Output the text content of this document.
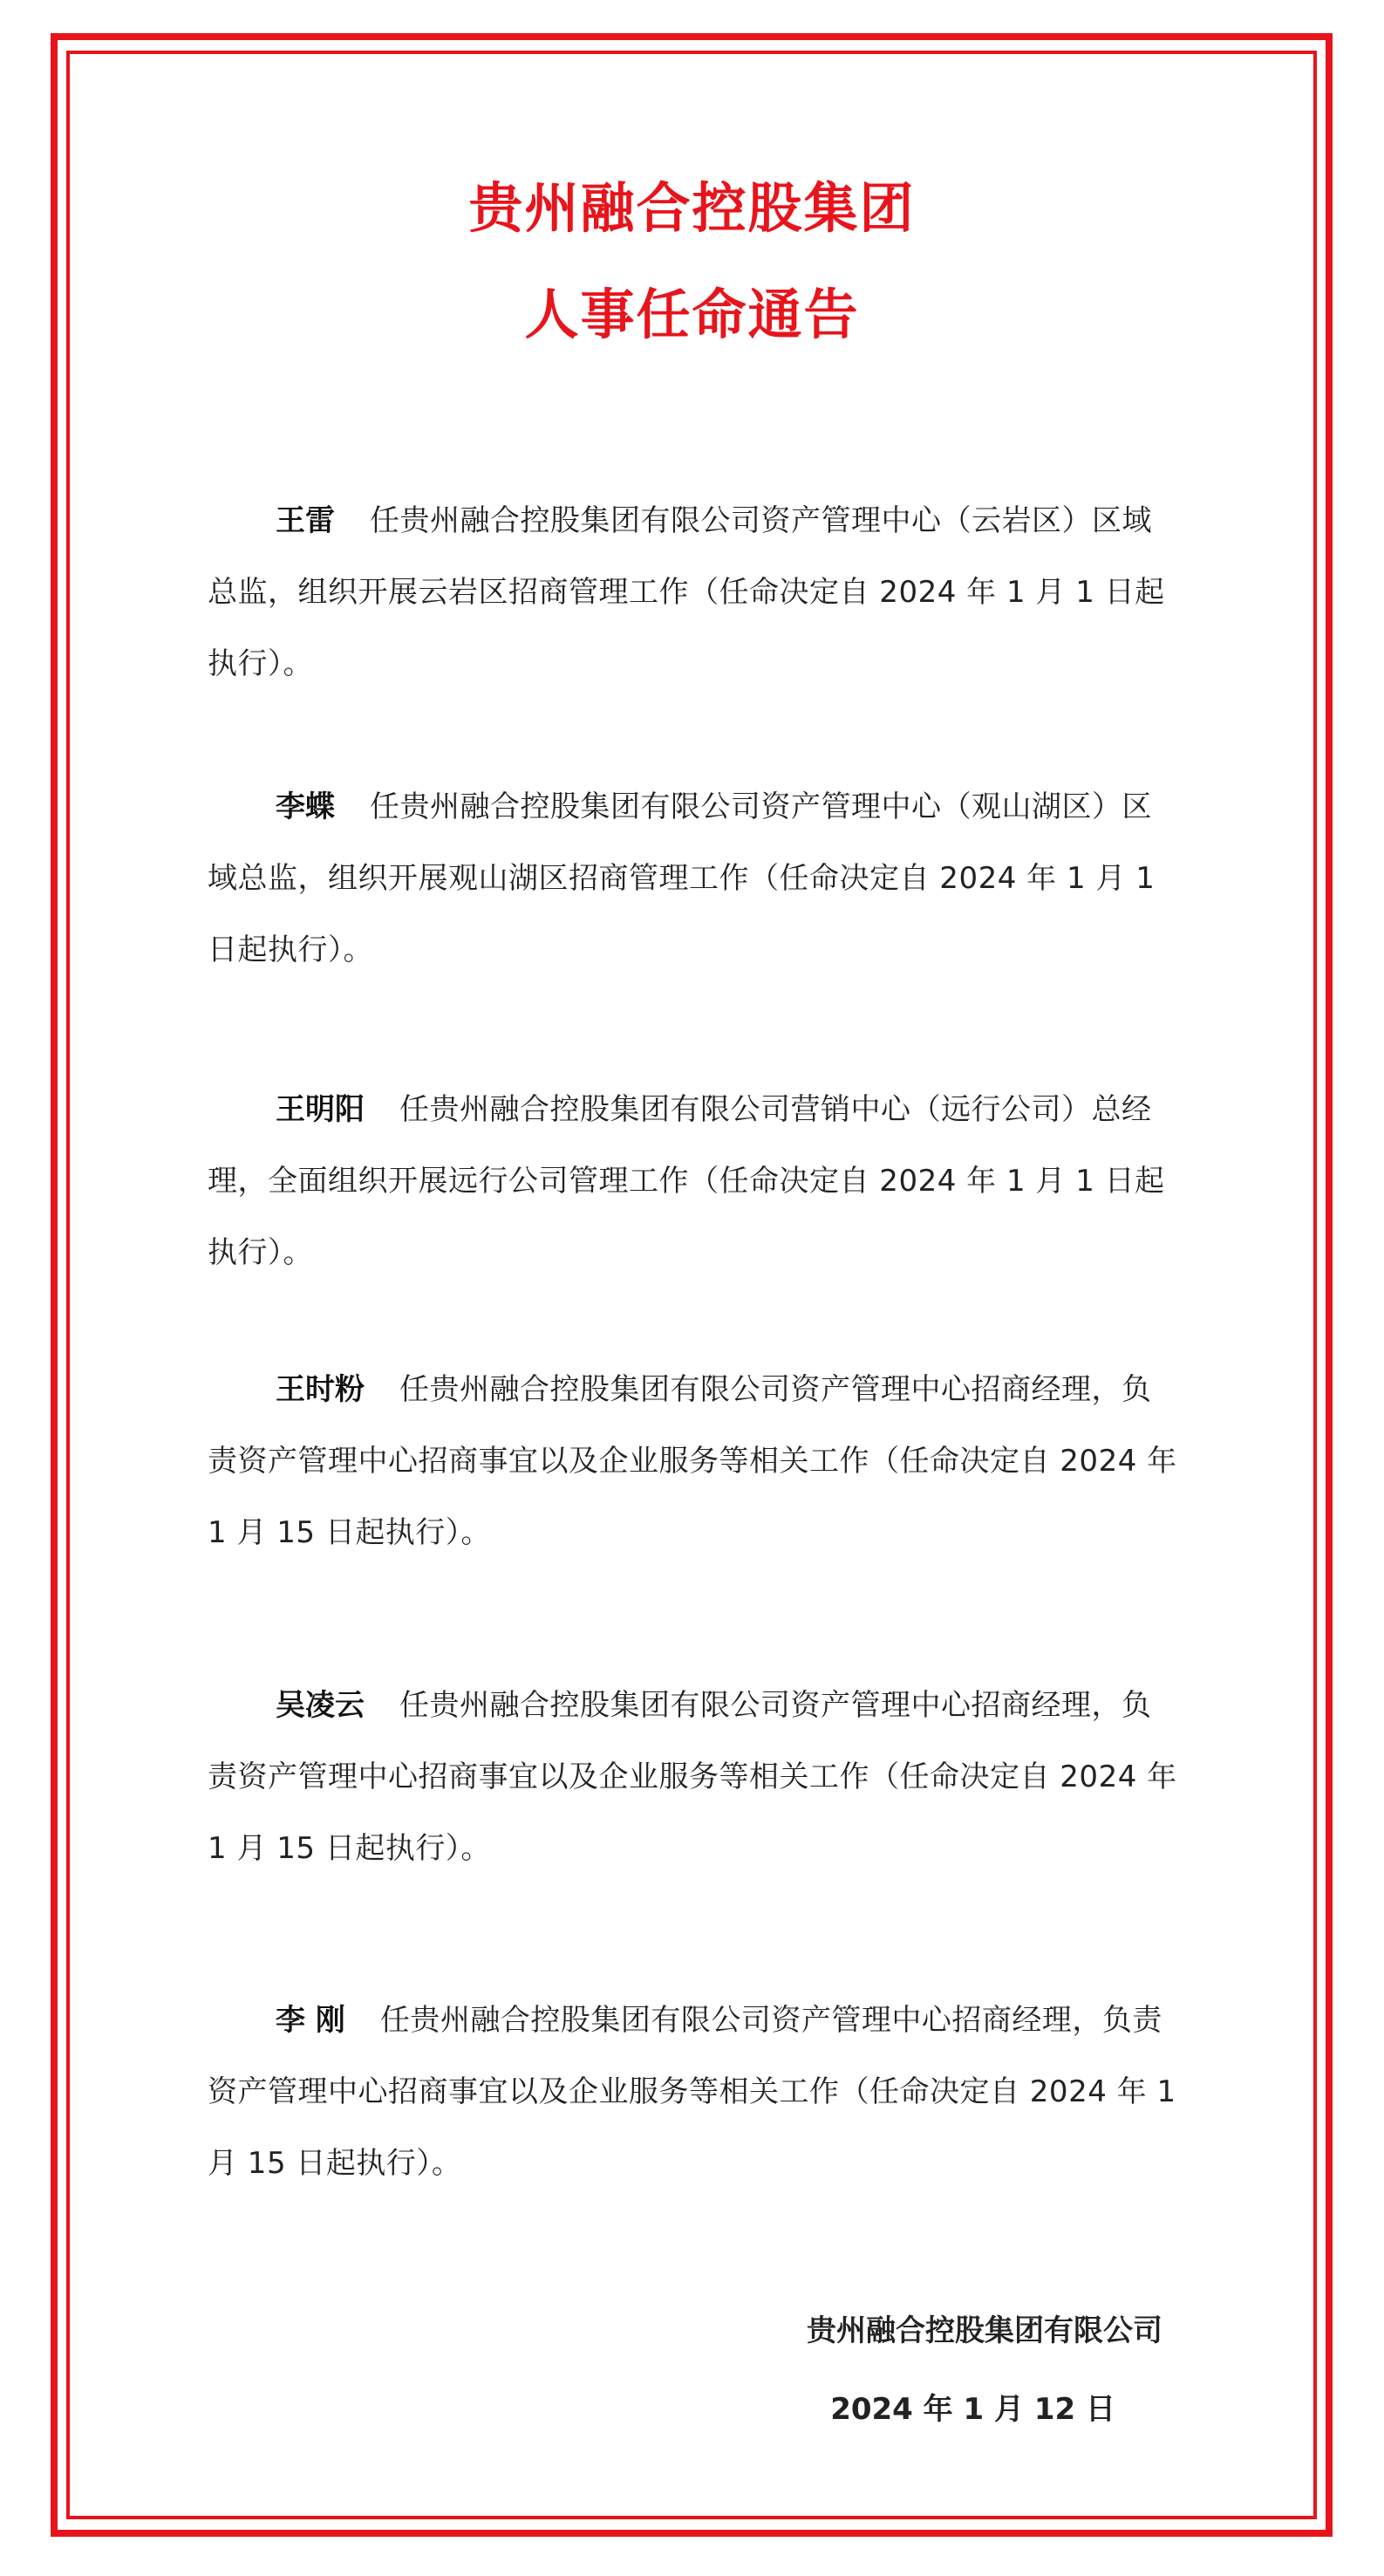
贵州融合控股集团
人事任命通告
王雷 任贵州融合控股集团有限公司资产管理中心（云岩区）区域总监，组织开展云岩区招商管理工作（任命决定自 2024 年 1 月 1 日起执行）。
李蝶 任贵州融合控股集团有限公司资产管理中心（观山湖区）区域总监，组织开展观山湖区招商管理工作（任命决定自 2024 年 1 月 1 日起执行）。
王明阳 任贵州融合控股集团有限公司营销中心（远行公司）总经理，全面组织开展远行公司管理工作（任命决定自 2024 年 1 月 1 日起执行）。
王时粉 任贵州融合控股集团有限公司资产管理中心招商经理，负责资产管理中心招商事宜以及企业服务等相关工作（任命决定自 2024 年 1 月 15 日起执行）。
吴凌云 任贵州融合控股集团有限公司资产管理中心招商经理，负责资产管理中心招商事宜以及企业服务等相关工作（任命决定自 2024 年 1 月 15 日起执行）。
李 刚 任贵州融合控股集团有限公司资产管理中心招商经理，负责资产管理中心招商事宜以及企业服务等相关工作（任命决定自 2024 年 1 月 15 日起执行）。
贵州融合控股集团有限公司
2024 年 1 月 12 日
